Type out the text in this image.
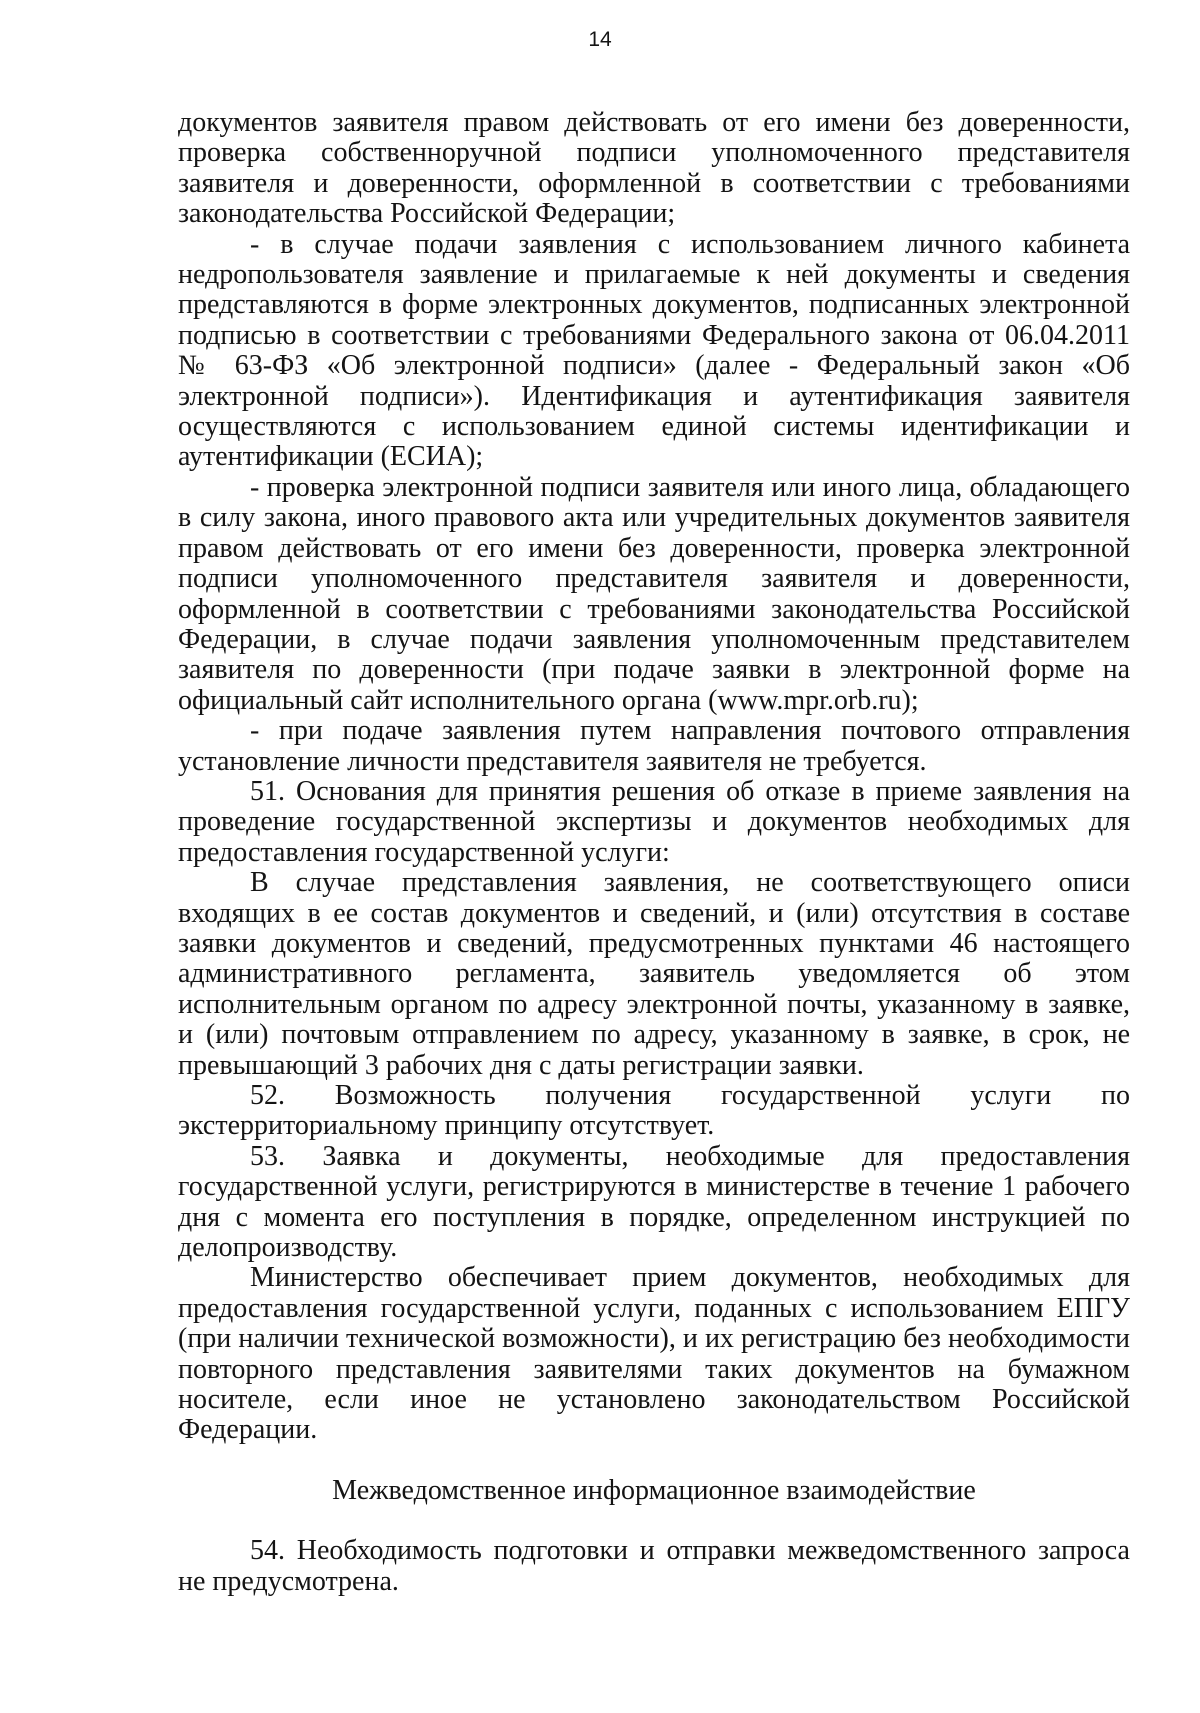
14

документов заявителя правом действовать от его имени без доверенности, проверка собственноручной подписи уполномоченного представителя заявителя и доверенности, оформленной в соответствии с требованиями законодательства Российской Федерации;

- в случае подачи заявления с использованием личного кабинета недропользователя заявление и прилагаемые к ней документы и сведения представляются в форме электронных документов, подписанных электронной подписью в соответствии с требованиями Федерального закона от 06.04.2011 № 63-ФЗ «Об электронной подписи» (далее - Федеральный закон «Об электронной подписи»). Идентификация и аутентификация заявителя осуществляются с использованием единой системы идентификации и аутентификации (ЕСИА);

- проверка электронной подписи заявителя или иного лица, обладающего в силу закона, иного правового акта или учредительных документов заявителя правом действовать от его имени без доверенности, проверка электронной подписи уполномоченного представителя заявителя и доверенности, оформленной в соответствии с требованиями законодательства Российской Федерации, в случае подачи заявления уполномоченным представителем заявителя по доверенности (при подаче заявки в электронной форме на официальный сайт исполнительного органа (www.mpr.orb.ru);

- при подаче заявления путем направления почтового отправления установление личности представителя заявителя не требуется.

51. Основания для принятия решения об отказе в приеме заявления на проведение государственной экспертизы и документов необходимых для предоставления государственной услуги:

В случае представления заявления, не соответствующего описи входящих в ее состав документов и сведений, и (или) отсутствия в составе заявки документов и сведений, предусмотренных пунктами 46 настоящего административного регламента, заявитель уведомляется об этом исполнительным органом по адресу электронной почты, указанному в заявке, и (или) почтовым отправлением по адресу, указанному в заявке, в срок, не превышающий 3 рабочих дня с даты регистрации заявки.

52. Возможность получения государственной услуги по экстерриториальному принципу отсутствует.

53. Заявка и документы, необходимые для предоставления государственной услуги, регистрируются в министерстве в течение 1 рабочего дня с момента его поступления в порядке, определенном инструкцией по делопроизводству.

Министерство обеспечивает прием документов, необходимых для предоставления государственной услуги, поданных с использованием ЕПГУ (при наличии технической возможности), и их регистрацию без необходимости повторного представления заявителями таких документов на бумажном носителе, если иное не установлено законодательством Российской Федерации.

Межведомственное информационное взаимодействие

54. Необходимость подготовки и отправки межведомственного запроса не предусмотрена.
